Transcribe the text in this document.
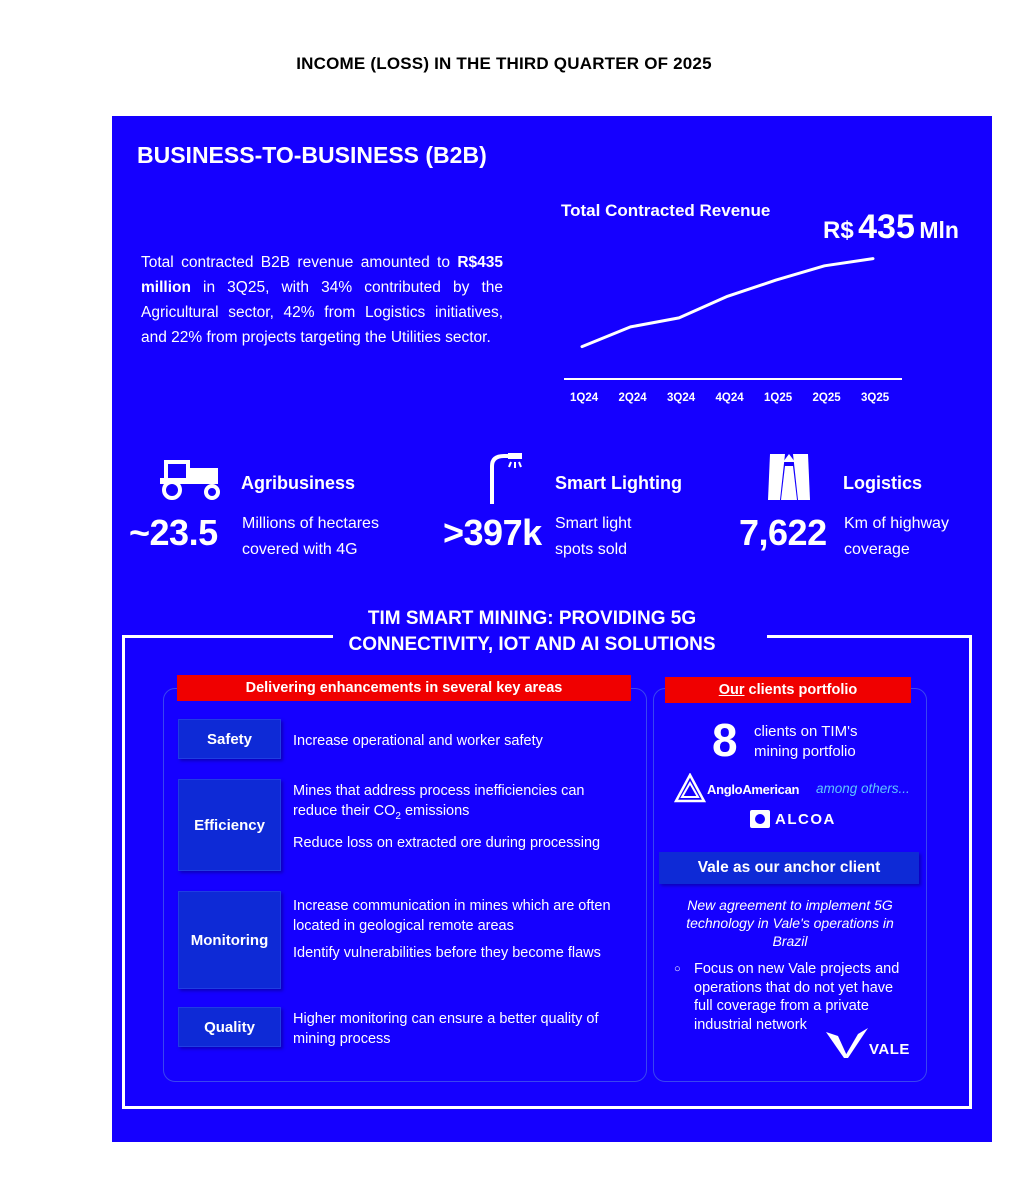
INCOME (LOSS) IN THE THIRD QUARTER OF 2025
BUSINESS-TO-BUSINESS (B2B)
Total contracted B2B revenue amounted to R$435 million in 3Q25, with 34% contributed by the Agricultural sector, 42% from Logistics initiatives, and 22% from projects targeting the Utilities sector.
Total Contracted Revenue
R$ 435 Mln
1Q24 2Q24 3Q24 4Q24 1Q25 2Q25 3Q25
Agribusiness
~23.5 Millions of hectares
covered with 4G
Smart Lighting
>397k Smart light
spots sold
Logistics
7,622 Km of highway
coverage
TIM SMART MINING: PROVIDING 5G
CONNECTIVITY, IOT AND AI SOLUTIONS
Delivering enhancements in several key areas
Safety	Increase operational and worker safety

Efficiency

Mines that address process inefficiencies can
reduce their $CO_2$ emissions

Reduce loss on extracted ore during processing

Monitoring

Increase communication in mines which are often located in geological remote areas

Identify vulnerabilities before they become flaws

Quality	Higher monitoring can ensure a better quality of mining process

Our clients portfolio
8 clients on TIM's
mining portfolio
AngloAmerican among others...
ALCOA
Vale as our anchor client
New agreement to implement 5G technology in Vale's operations in Brazil
○ Focus on new Vale projects and operations that do not yet have full coverage from a private industrial network
VALE
